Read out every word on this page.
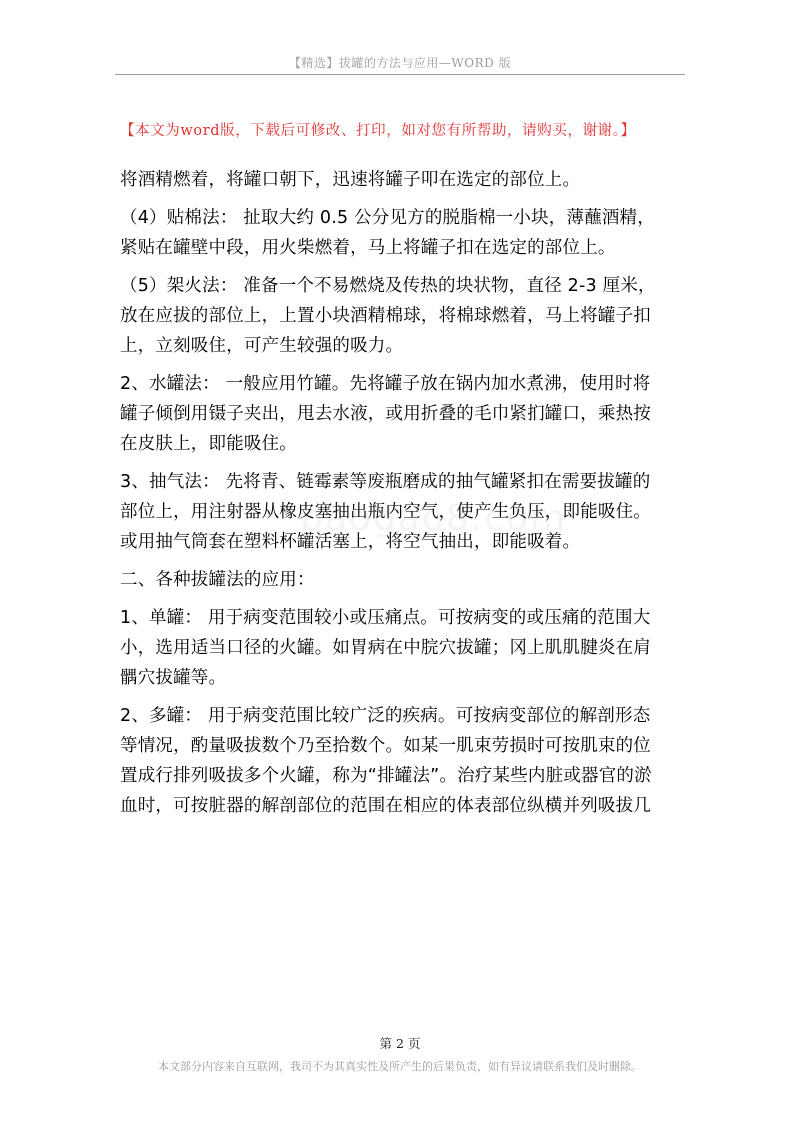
【精选】拔罐的方法与应用—WORD 版
【本文为word版，下载后可修改、打印，如对您有所帮助，请购买，谢谢。】

将酒精燃着，将罐口朝下，迅速将罐子叩在选定的部位上。

（4）贴棉法： 扯取大约 0.5 公分见方的脱脂棉一小块，薄蘸酒精，

紧贴在罐壁中段，用火柴燃着，马上将罐子扣在选定的部位上。

（5）架火法： 准备一个不易燃烧及传热的块状物，直径 2-3 厘米，

放在应拔的部位上，上置小块酒精棉球，将棉球燃着，马上将罐子扣

上，立刻吸住，可产生较强的吸力。

2、水罐法： 一般应用竹罐。先将罐子放在锅内加水煮沸，使用时将

罐子倾倒用镊子夹出，甩去水液，或用折叠的毛巾紧扪罐口，乘热按

在皮肤上，即能吸住。

3、抽气法： 先将青、链霉素等废瓶磨成的抽气罐紧扣在需要拔罐的

部位上，用注射器从橡皮塞抽出瓶内空气，使产生负压，即能吸住。

或用抽气筒套在塑料杯罐活塞上，将空气抽出，即能吸着。

二、各种拔罐法的应用：

1、单罐： 用于病变范围较小或压痛点。可按病变的或压痛的范围大

小，选用适当口径的火罐。如胃病在中脘穴拔罐；冈上肌肌腱炎在肩

髃穴拔罐等。

2、多罐： 用于病变范围比较广泛的疾病。可按病变部位的解剖形态

等情况，酌量吸拔数个乃至拾数个。如某一肌束劳损时可按肌束的位

置成行排列吸拔多个火罐，称为“排罐法”。治疗某些内脏或器官的淤

血时，可按脏器的解剖部位的范围在相应的体表部位纵横并列吸拔几

第 2 页
本文部分内容来自互联网，我司不为其真实性及所产生的后果负责，如有异议请联系我们及时删除。
